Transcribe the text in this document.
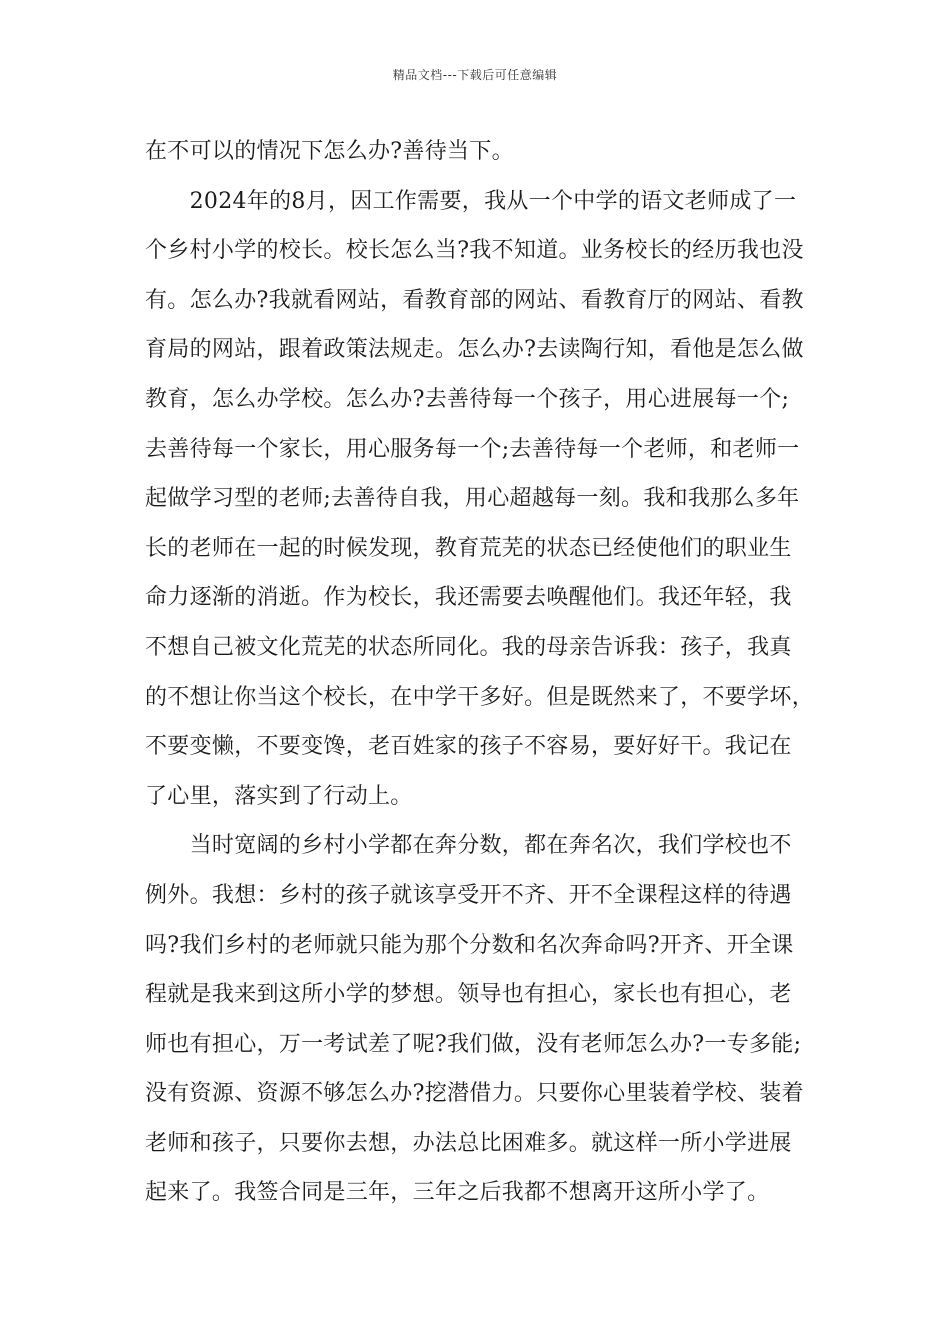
精品文档---下载后可任意编辑
在不可以的情况下怎么办?善待当下。
　　2024年的8月，因工作需要，我从一个中学的语文老师成了一
个乡村小学的校长。校长怎么当?我不知道。业务校长的经历我也没
有。怎么办?我就看网站，看教育部的网站、看教育厅的网站、看教
育局的网站，跟着政策法规走。怎么办?去读陶行知，看他是怎么做
教育，怎么办学校。怎么办?去善待每一个孩子，用心进展每一个;
去善待每一个家长，用心服务每一个;去善待每一个老师，和老师一
起做学习型的老师;去善待自我，用心超越每一刻。我和我那么多年
长的老师在一起的时候发现，教育荒芜的状态已经使他们的职业生
命力逐渐的消逝。作为校长，我还需要去唤醒他们。我还年轻，我
不想自己被文化荒芜的状态所同化。我的母亲告诉我：孩子，我真
的不想让你当这个校长，在中学干多好。但是既然来了，不要学坏，
不要变懒，不要变馋，老百姓家的孩子不容易，要好好干。我记在
了心里，落实到了行动上。
　　当时宽阔的乡村小学都在奔分数，都在奔名次，我们学校也不
例外。我想：乡村的孩子就该享受开不齐、开不全课程这样的待遇
吗?我们乡村的老师就只能为那个分数和名次奔命吗?开齐、开全课
程就是我来到这所小学的梦想。领导也有担心，家长也有担心，老
师也有担心，万一考试差了呢?我们做，没有老师怎么办?一专多能;
没有资源、资源不够怎么办?挖潜借力。只要你心里装着学校、装着
老师和孩子，只要你去想，办法总比困难多。就这样一所小学进展
起来了。我签合同是三年，三年之后我都不想离开这所小学了。
